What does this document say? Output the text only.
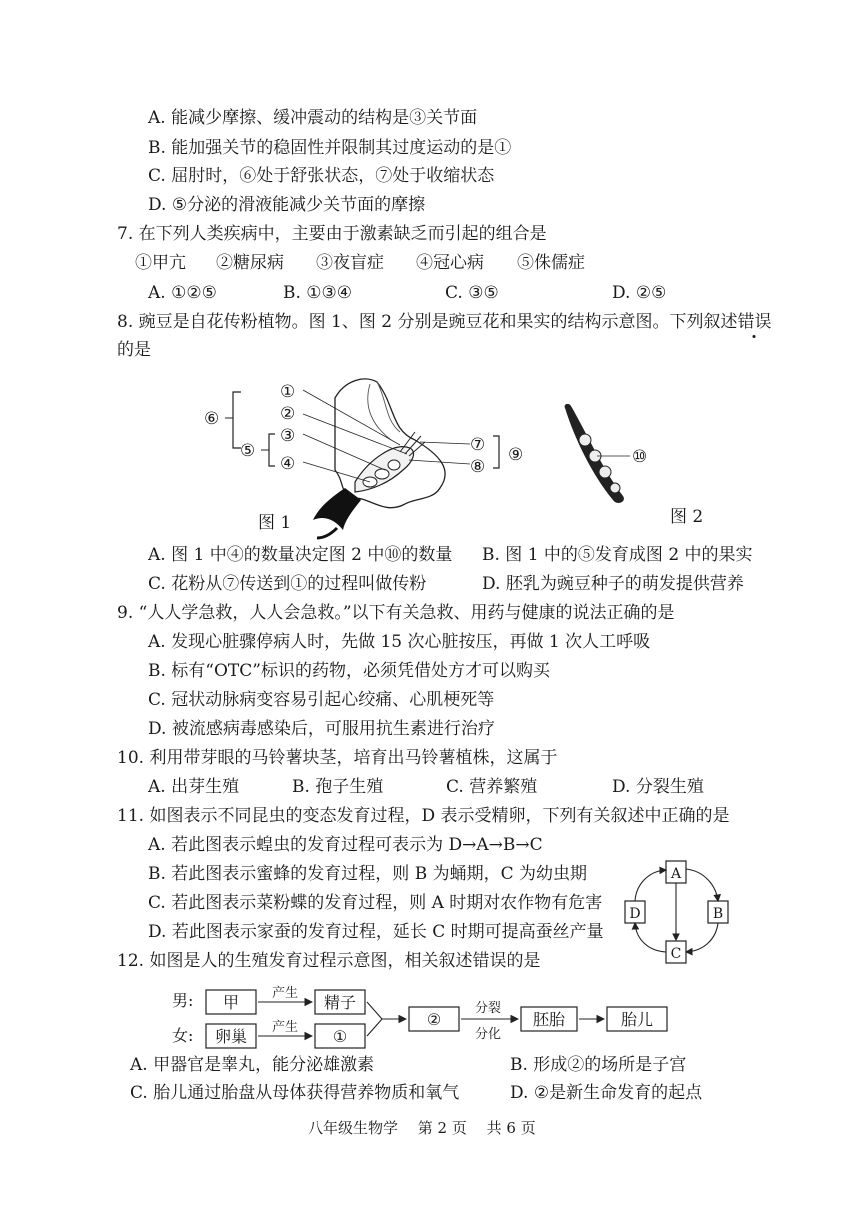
A. 能减少摩擦、缓冲震动的结构是③关节面
B. 能加强关节的稳固性并限制其过度运动的是①
C. 屈肘时，⑥处于舒张状态，⑦处于收缩状态
D. ⑤分泌的滑液能减少关节面的摩擦
7. 在下列人类疾病中，主要由于激素缺乏而引起的组合是
①甲亢 ②糖尿病 ③夜盲症 ④冠心病 ⑤侏儒症
A. ①②⑤	B. ①③④	C. ③⑤	D. ②⑤
8. 豌豆是自花传粉植物。图 1、图 2 分别是豌豆花和果实的结构示意图。下列叙述错误
的是
①
②
③
④
⑤
⑥
⑦
⑧
⑨
图 1
⑩
图 2
A. 图 1 中④的数量决定图 2 中⑩的数量 B. 图 1 中的⑤发育成图 2 中的果实
C. 花粉从⑦传送到①的过程叫做传粉	D. 胚乳为豌豆种子的萌发提供营养
9. “人人学急救，人人会急救。”以下有关急救、用药与健康的说法正确的是
A. 发现心脏骤停病人时，先做 15 次心脏按压，再做 1 次人工呼吸
B. 标有“OTC”标识的药物，必须凭借处方才可以购买
C. 冠状动脉病变容易引起心绞痛、心肌梗死等
D. 被流感病毒感染后，可服用抗生素进行治疗
10. 利用带芽眼的马铃薯块茎，培育出马铃薯植株，这属于
A. 出芽生殖	B. 孢子生殖	C. 营养繁殖	D. 分裂生殖
11. 如图表示不同昆虫的变态发育过程，D 表示受精卵，下列有关叙述中正确的是
A. 若此图表示蝗虫的发育过程可表示为 D→A→B→C
B. 若此图表示蜜蜂的发育过程，则 B 为蛹期，C 为幼虫期
C. 若此图表示菜粉蝶的发育过程，则 A 时期对农作物有危害
D. 若此图表示家蚕的发育过程，延长 C 时期可提高蚕丝产量
A
B
C
D
12. 如图是人的生殖发育过程示意图，相关叙述错误的是
男:
女:
甲
卵巢
产生
产生
精子
①
②
分裂
分化
胚胎	胎儿
A. 甲器官是睾丸，能分泌雄激素	B. 形成②的场所是子宫
C. 胎儿通过胎盘从母体获得营养物质和氧气	D. ②是新生命发育的起点
八年级生物学　 第 2 页　 共 6 页
